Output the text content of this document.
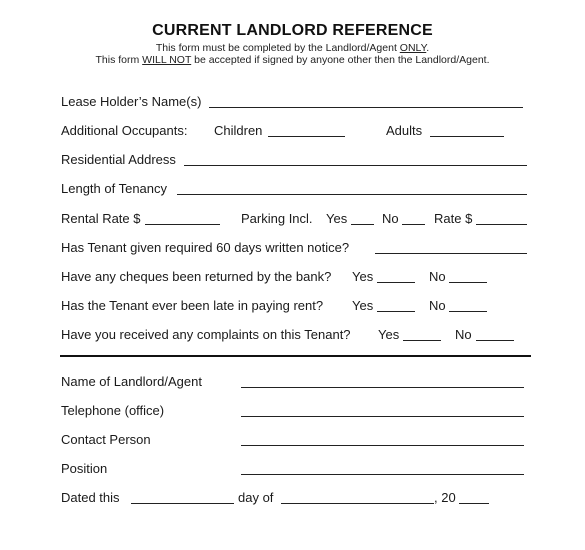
CURRENT LANDLORD REFERENCE
This form must be completed by the Landlord/Agent ONLY.
This form WILL NOT be accepted if signed by anyone other then the Landlord/Agent.
Lease Holder’s Name(s)
Additional Occupants: Children	Adults
Residential Address
Length of Tenancy
Rental Rate $	Parking Incl. Yes	No	Rate $
Has Tenant given required 60 days written notice?
Have any cheques been returned by the bank? Yes	No
Has the Tenant ever been late in paying rent? Yes	No
Have you received any complaints on this Tenant? Yes	No
Name of Landlord/Agent
Telephone (office)
Contact Person
Position
Dated this	day of	, 20
